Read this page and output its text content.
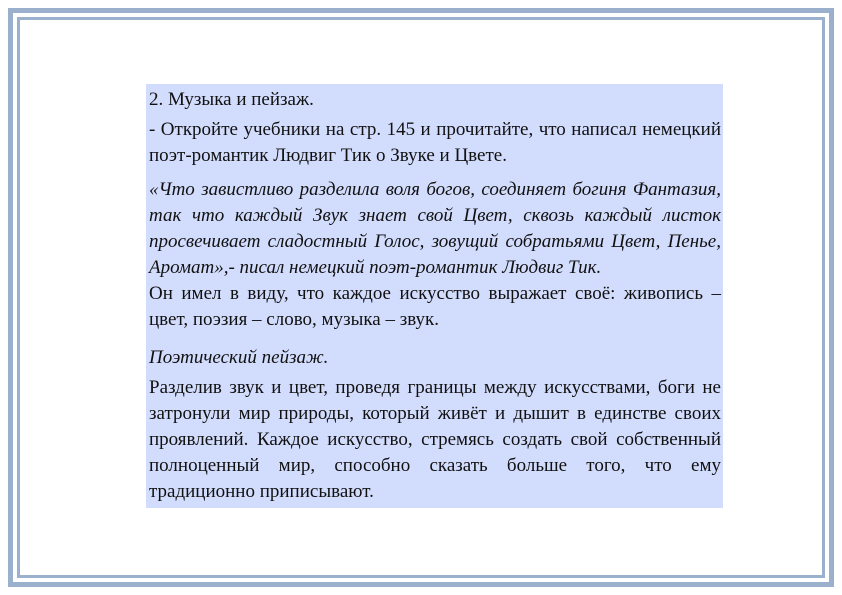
2. Музыка и пейзаж.

- Откройте учебники на стр. 145 и прочитайте, что написал немецкий поэт-романтик Людвиг Тик о Звуке и Цвете.

«Что завистливо разделила воля богов, соединяет богиня Фантазия, так что каждый Звук знает свой Цвет, сквозь каждый листок просвечивает сладостный Голос, зовущий собратьями Цвет, Пенье, Аромат»,- писал немецкий поэт-романтик Людвиг Тик.

Он имел в виду, что каждое искусство выражает своё: живопись – цвет, поэзия – слово, музыка – звук.

Поэтический пейзаж.

Разделив звук и цвет, проведя границы между искусствами, боги не затронули мир природы, который живёт и дышит в единстве своих проявлений. Каждое искусство, стремясь создать свой собственный полноценный мир, способно сказать больше того, что ему традиционно приписывают.
